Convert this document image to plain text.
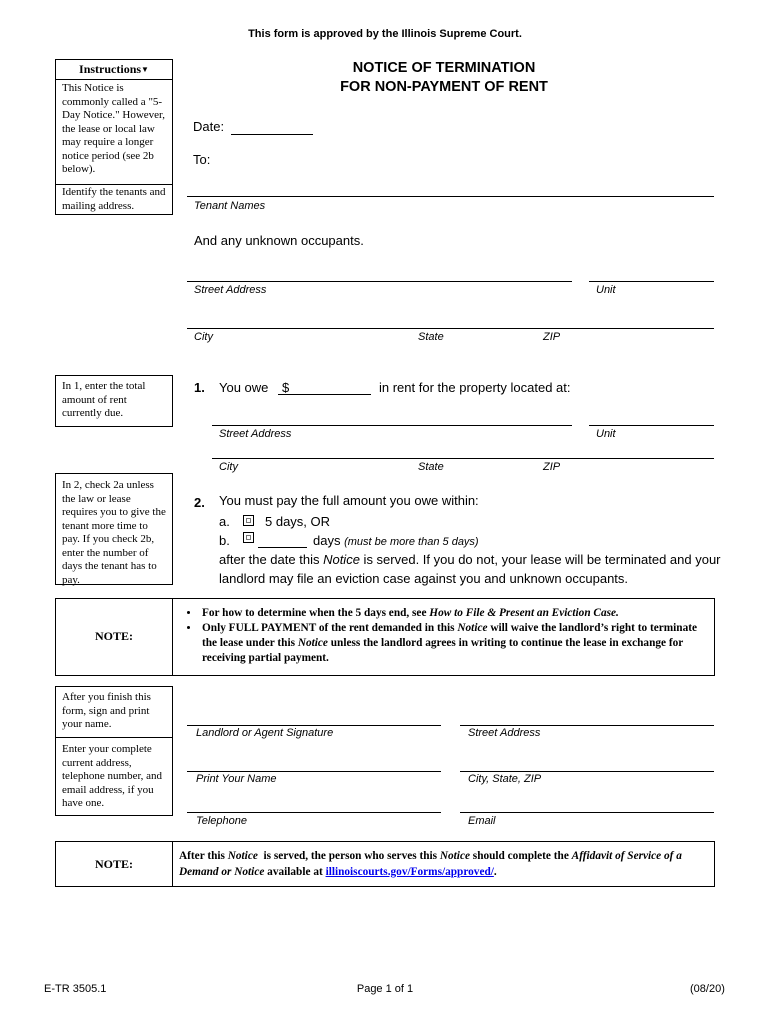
This form is approved by the Illinois Supreme Court.
Instructions▼
This Notice is commonly called a "5-Day Notice." However, the lease or local law may require a longer notice period (see 2b below).
Identify the tenants and mailing address.
NOTICE OF TERMINATION
FOR NON-PAYMENT OF RENT
Date:
To:
Tenant Names
And any unknown occupants.
Street Address	Unit
City	State	ZIP
In 1, enter the total amount of rent currently due.
1. You owe $	in rent for the property located at:
Street Address	Unit
City	State	ZIP
In 2, check 2a unless the law or lease requires you to give the tenant more time to pay. If you check 2b, enter the number of days the tenant has to pay.
2. You must pay the full amount you owe within:
a.	5 days, OR
b.	days (must be more than 5 days)
after the date this Notice is served. If you do not, your lease will be terminated and your
landlord may file an eviction case against you and unknown occupants.
NOTE:
• For how to determine when the 5 days end, see How to File & Present an Eviction Case.
• Only FULL PAYMENT of the rent demanded in this Notice will waive the landlord’s right to terminate the lease under this Notice unless the landlord agrees in writing to continue the lease in exchange for receiving partial payment.
After you finish this form, sign and print your name.
Enter your complete current address, telephone number, and email address, if you have one.
Landlord or Agent Signature	Street Address
Print Your Name	City, State, ZIP
Telephone	Email
NOTE:
After this Notice  is served, the person who serves this Notice should complete the Affidavit of Service of a Demand or Notice available at illinoiscourts.gov/Forms/approved/.
E-TR 3505.1	Page 1 of 1	(08/20)
